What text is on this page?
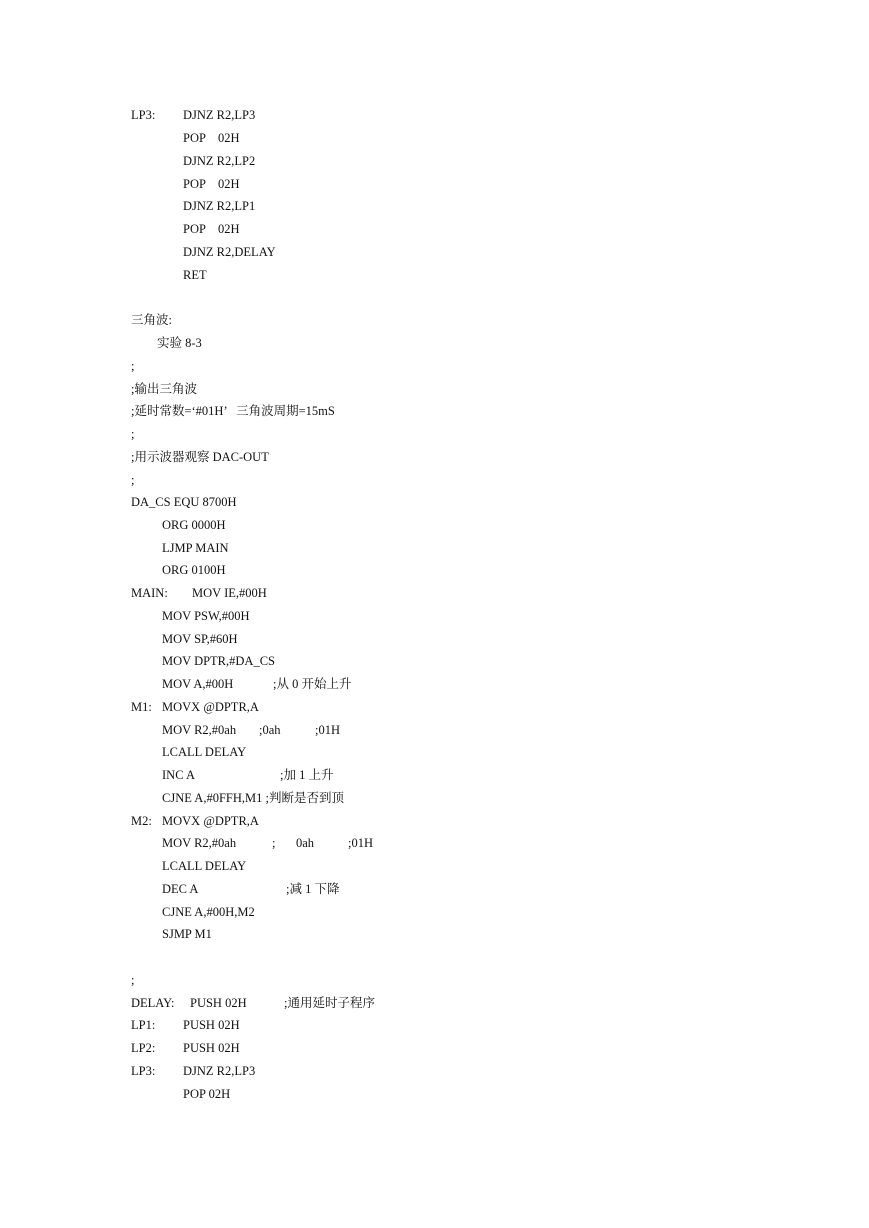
LP3: DJNZ R2,LP3
POP    02H
DJNZ R2,LP2
POP    02H
DJNZ R2,LP1
POP    02H
DJNZ R2,DELAY
RET
三角波:
实验 8-3
;
;输出三角波
;延时常数=‘#01H’   三角波周期=15mS
;
;用示波器观察 DAC-OUT
;
DA_CS EQU 8700H
ORG 0000H
LJMP MAIN
ORG 0100H
MAIN: MOV IE,#00H
MOV PSW,#00H
MOV SP,#60H
MOV DPTR,#DA_CS
MOV A,#00H	;从 0 开始上升
M1: MOVX @DPTR,A
MOV R2,#0ah ;0ah	;01H
LCALL DELAY
INC A	;加 1 上升
CJNE A,#0FFH,M1 ;判断是否到顶
M2: MOVX @DPTR,A
MOV R2,#0ah	; 0ah	;01H
LCALL DELAY
DEC A	;减 1 下降
CJNE A,#00H,M2
SJMP M1
;
DELAY: PUSH 02H	;通用延时子程序
LP1: PUSH 02H
LP2: PUSH 02H
LP3: DJNZ R2,LP3
POP 02H
